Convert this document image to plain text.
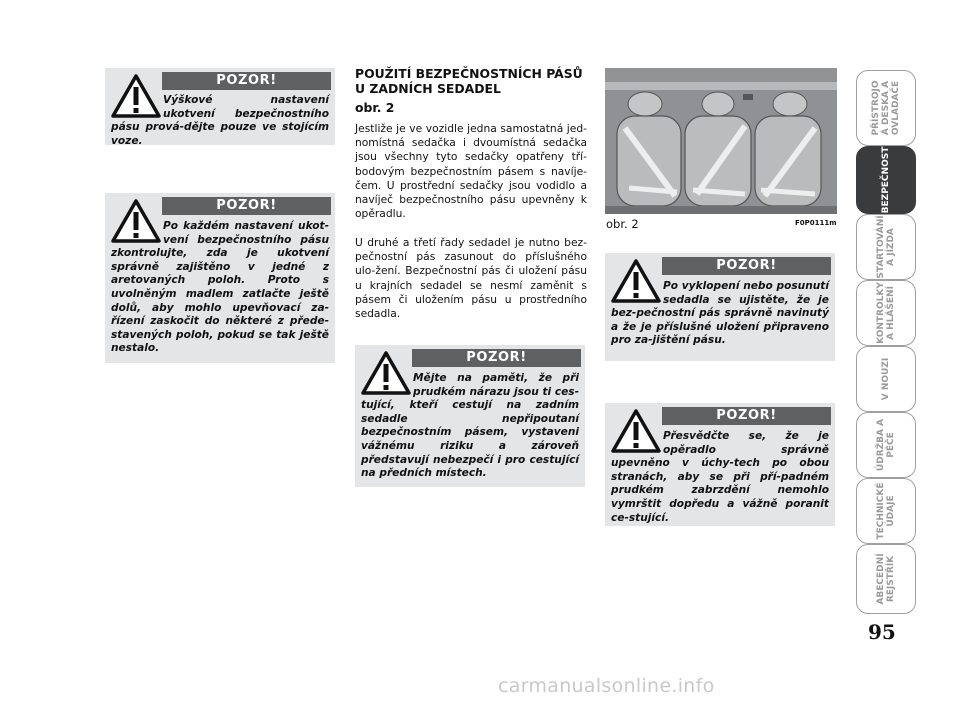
POZOR!

Výškové nastavení ukotvení bezpečnostního pásu prová-dějte pouze ve stojícím voze.

POZOR!

Po každém nastavení ukot-vení bezpečnostního pásu zkontrolujte, zda je ukotvení správně zajištěno v jedné z aretovaných poloh. Proto s uvolněným madlem zatlačte ještě dolů, aby mohlo upevňovací za-řízení zaskočit do některé z přede-stavených poloh, pokud se tak ještě nestalo.

POUŽITÍ BEZPEČNOSTNÍCH PÁSŮ U ZADNÍCH SEDADEL
obr. 2

Jestliže je ve vozidle jedna samostatná jed-nomístná sedačka i dvoumístná sedačka jsou všechny tyto sedačky opatřeny tří-bodovým bezpečnostním pásem s navíje-čem. U prostřední sedačky jsou vodidlo a navíječ bezpečnostního pásu upevněny k opěradlu.

U druhé a třetí řady sedadel je nutno bez-pečnostní pás zasunout do příslušného ulo-žení. Bezpečnostní pás či uložení pásu u krajních sedadel se nesmí zaměnit s pásem či uložením pásu u prostředního sedadla.

POZOR!

Mějte na paměti, že při prudkém nárazu jsou ti ces-tující, kteří cestují na zadním sedadle nepřipoutaní bezpečnostním pásem, vystaveni vážnému riziku a zároveň představují nebezpečí i pro cestující na předních místech.

obr. 2	F0P0111m
POZOR!

Po vyklopení nebo posunutí sedadla se ujistěte, že je bez-pečnostní pás správně navinutý a že je příslušné uložení připraveno pro za-jištění pásu.

POZOR!

Přesvědčte se, že je opěradlo správně upevněno v úchy-tech po obou stranách, aby se při pří-padném prudkém zabrzdění nemohlo vymrštit dopředu a vážně poranit ce-stující.

PŘÍSTROJO
Á DESKA A
OVLADAČE
BEZPEČNOST
STARTOVÁNÍ
A JÍZDA
KONTROLKY
A HLÁŠENÍ
V NOUZI
ÚDRŽBA A
PÉČE
TECHNICKÉ
ÚDAJE
ABECEDNÍ
REJSTŘÍK
95
carmanualsonline.info
